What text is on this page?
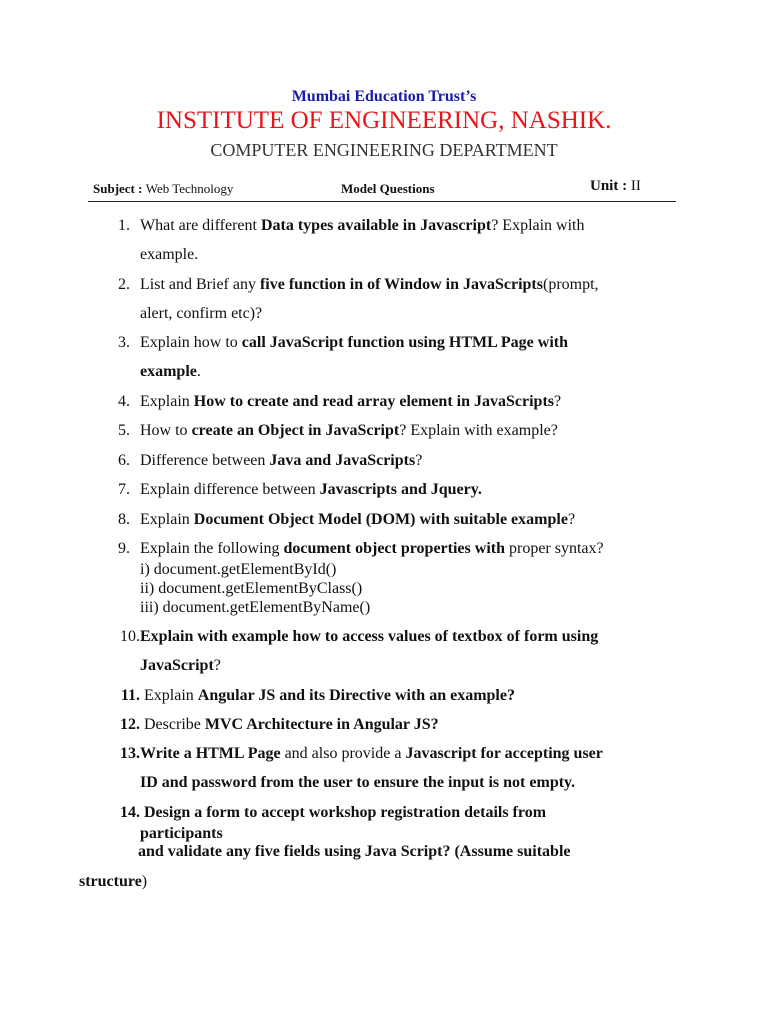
Mumbai Education Trust’s
INSTITUTE OF ENGINEERING, NASHIK.
COMPUTER ENGINEERING DEPARTMENT
Subject : Web Technology	Model Questions	Unit : II
1. What are different Data types available in Javascript? Explain with
example.
2. List and Brief any five function in of Window in JavaScripts(prompt,
alert, confirm etc)?
3. Explain how to call JavaScript function using HTML Page with
example.
4. Explain How to create and read array element in JavaScripts?
5. How to create an Object in JavaScript? Explain with example?
6. Difference between Java and JavaScripts?
7. Explain difference between Javascripts and Jquery.
8. Explain Document Object Model (DOM) with suitable example?
9. Explain the following document object properties with proper syntax?
i) document.getElementById()
ii) document.getElementByClass()
iii) document.getElementByName()
10. Explain with example how to access values of textbox of form using
JavaScript?
11. Explain Angular JS and its Directive with an example?
12. Describe MVC Architecture in Angular JS?
13. Write a HTML Page and also provide a Javascript for accepting user
ID and password from the user to ensure the input is not empty.
14. Design a form to accept workshop registration details from
participants
and validate any five fields using Java Script? (Assume suitable
structure)
